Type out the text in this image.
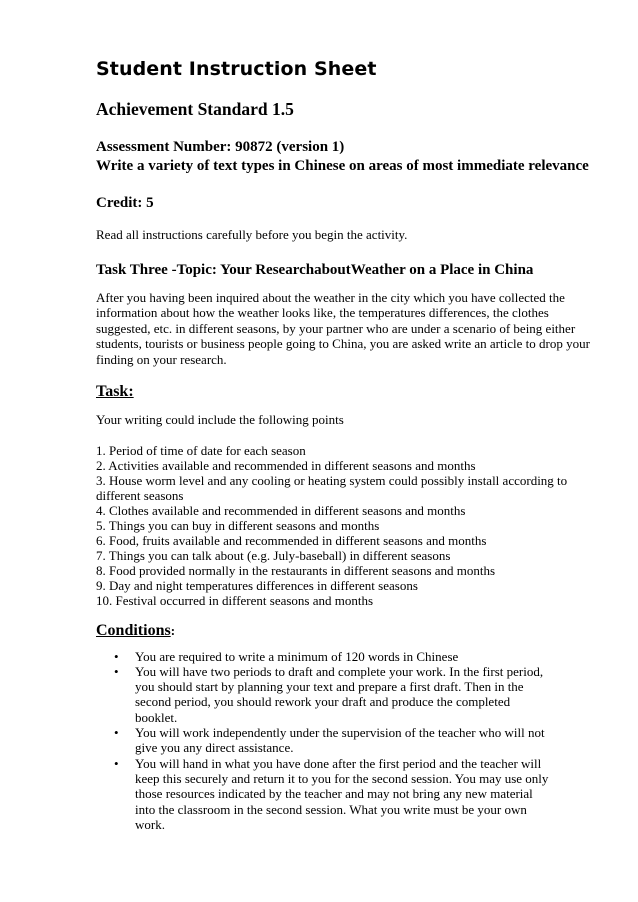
Student Instruction Sheet
Achievement Standard 1.5
Assessment Number: 90872 (version 1)
Write a variety of text types in Chinese on areas of most immediate relevance
Credit: 5

Read all instructions carefully before you begin the activity.

Task Three -Topic: Your ResearchaboutWeather on a Place in China

After you having been inquired about the weather in the city which you have collected the information about how the weather looks like, the temperatures differences, the clothes suggested, etc. in different seasons, by your partner who are under a scenario of being either students, tourists or business people going to China, you are asked write an article to drop your finding on your research.

Task:

Your writing could include the following points

1. Period of time of date for each season
2. Activities available and recommended in different seasons and months
3. House worm level and any cooling or heating system could possibly install according to different seasons
4. Clothes available and recommended in different seasons and months
5. Things you can buy in different seasons and months
6. Food, fruits available and recommended in different seasons and months
7. Things you can talk about (e.g. July-baseball) in different seasons
8. Food provided normally in the restaurants in different seasons and months
9. Day and night temperatures differences in different seasons
10. Festival occurred in different seasons and months
Conditions:
• You are required to write a minimum of 120 words in Chinese
• You will have two periods to draft and complete your work. In the first period, you should start by planning your text and prepare a first draft. Then in the second period, you should rework your draft and produce the completed booklet.
• You will work independently under the supervision of the teacher who will not give you any direct assistance.
• You will hand in what you have done after the first period and the teacher will keep this securely and return it to you for the second session. You may use only those resources indicated by the teacher and may not bring any new material into the classroom in the second session. What you write must be your own work.
